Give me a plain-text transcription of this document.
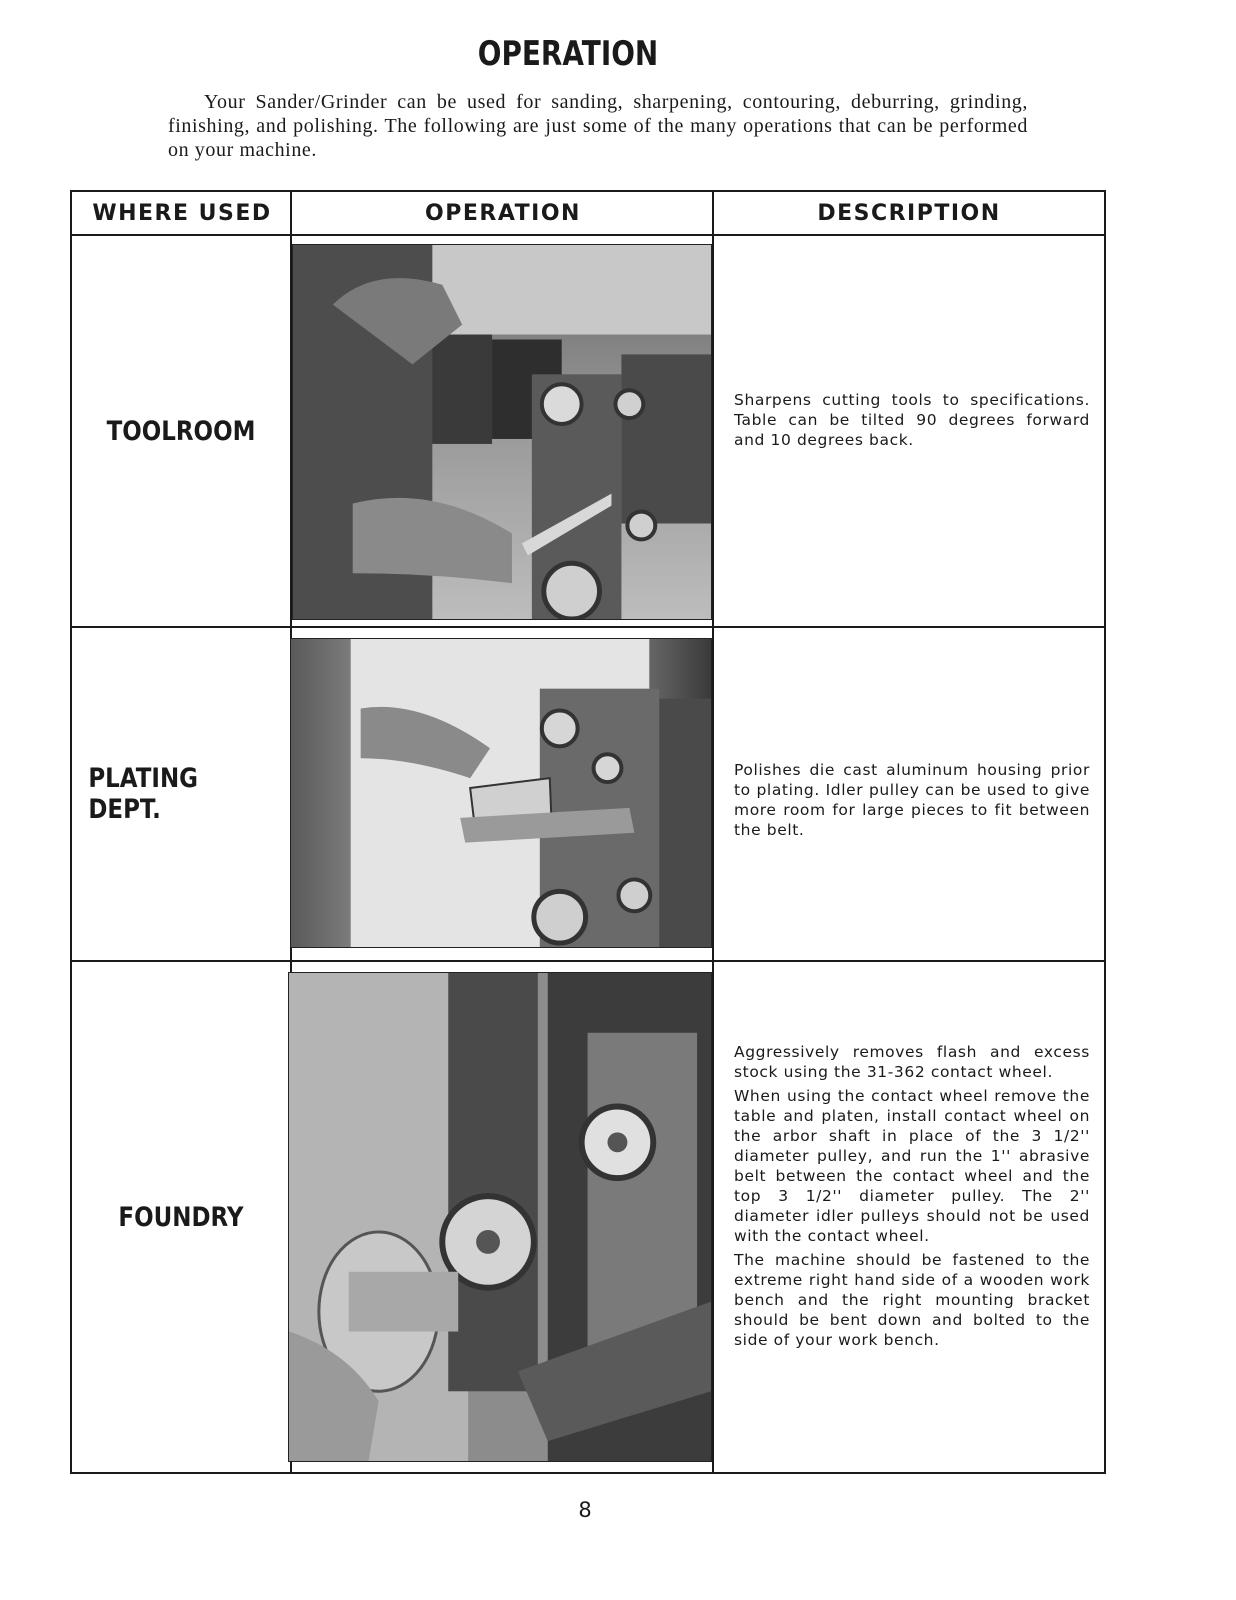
OPERATION

Your Sander/Grinder can be used for sanding, sharpening, contouring, deburring, grinding, finishing, and polishing. The following are just some of the many operations that can be performed on your machine.

WHERE USED	OPERATION	DESCRIPTION
TOOLROOM

Sharpens cutting tools to specifications. Table can be tilted 90 degrees forward and 10 degrees back.

PLATING DEPT.

Polishes die cast aluminum housing prior to plating. Idler pulley can be used to give more room for large pieces to fit between the belt.

FOUNDRY

Aggressively removes flash and excess stock using the 31-362 contact wheel.

When using the contact wheel remove the table and platen, install contact wheel on the arbor shaft in place of the 3 1/2'' diameter pulley, and run the 1'' abrasive belt between the contact wheel and the top 3 1/2'' diameter pulley. The 2'' diameter idler pulleys should not be used with the contact wheel.

The machine should be fastened to the extreme right hand side of a wooden work bench and the right mounting bracket should be bent down and bolted to the side of your work bench.

8
